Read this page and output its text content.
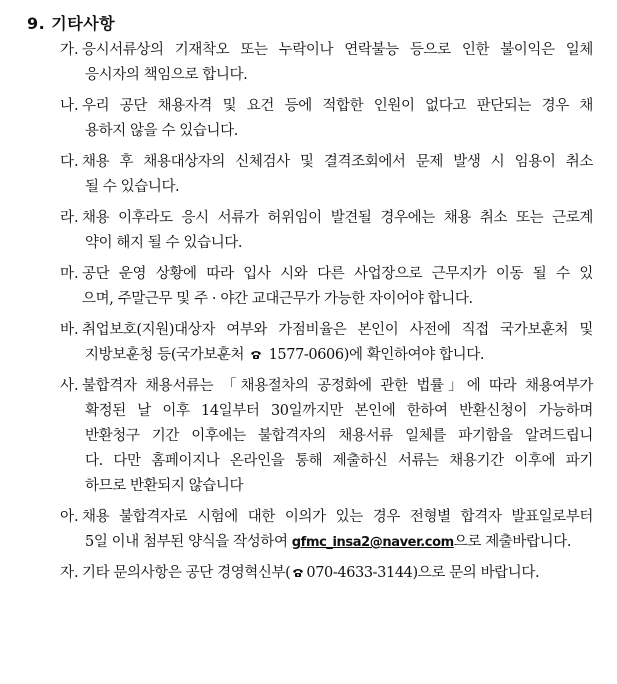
9. 기타사항
가. 응시서류상의 기재착오 또는 누락이나 연락불능 등으로 인한 불이익은 일체
응시자의 책임으로 합니다.
나. 우리 공단 채용자격 및 요건 등에 적합한 인원이 없다고 판단되는 경우 채
용하지 않을 수 있습니다.
다. 채용 후 채용대상자의 신체검사 및 결격조회에서 문제 발생 시 임용이 취소
될 수 있습니다.
라. 채용 이후라도 응시 서류가 허위임이 발견될 경우에는 채용 취소 또는 근로계
약이 해지 될 수 있습니다.
마. 공단 운영 상황에 따라 입사 시와 다른 사업장으로 근무지가 이동 될 수 있
으며, 주말근무 및 주 · 야간 교대근무가 가능한 자이어야 합니다.
바. 취업보호(지원)대상자 여부와 가점비율은 본인이 사전에 직접 국가보훈처 및
지방보훈청 등(국가보훈처 1577-0606)에 확인하여야 합니다.
사. 불합격자 채용서류는 「채용절차의 공정화에 관한 법률」에 따라 채용여부가
확정된 날 이후 14일부터 30일까지만 본인에 한하여 반환신청이 가능하며
반환청구 기간 이후에는 불합격자의 채용서류 일체를 파기함을 알려드립니
다. 다만 홈페이지나 온라인을 통해 제출하신 서류는 채용기간 이후에 파기
하므로 반환되지 않습니다
아. 채용 불합격자로 시험에 대한 이의가 있는 경우 전형별 합격자 발표일로부터
5일 이내 첨부된 양식을 작성하여 gfmc_insa2@naver.com으로 제출바랍니다.
자. 기타 문의사항은 공단 경영혁신부( 070-4633-3144)으로 문의 바랍니다.
